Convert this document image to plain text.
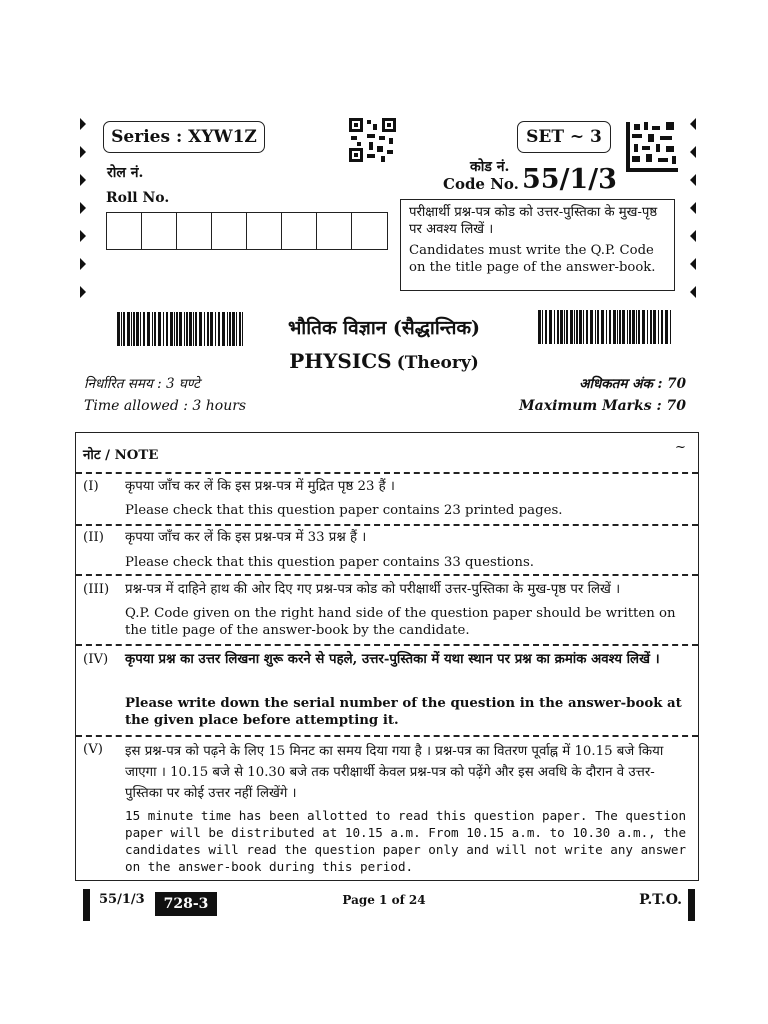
Series : XYW1Z	SET ~ 3
रोल नं.
Roll No.
कोड नं.
Code No. 55/1/3
परीक्षार्थी प्रश्न-पत्र कोड को उत्तर-पुस्तिका के मुख-पृष्ठ पर अवश्य लिखें ।
Candidates must write the Q.P. Code on the title page of the answer-book.
भौतिक विज्ञान (सैद्धान्तिक)
PHYSICS (Theory)
निर्धारित समय : 3 घण्टे
Time allowed : 3 hours
अधिकतम अंक : 70
Maximum Marks : 70
नोट / NOTE
~
(I) कृपया जाँच कर लें कि इस प्रश्न-पत्र में मुद्रित पृष्ठ 23 हैं ।
Please check that this question paper contains 23 printed pages.
(II) कृपया जाँच कर लें कि इस प्रश्न-पत्र में 33 प्रश्न हैं ।
Please check that this question paper contains 33 questions.
(III) प्रश्न-पत्र में दाहिने हाथ की ओर दिए गए प्रश्न-पत्र कोड को परीक्षार्थी उत्तर-पुस्तिका के मुख-पृष्ठ पर लिखें ।
Q.P. Code given on the right hand side of the question paper should be written on the title page of the answer-book by the candidate.
(IV) कृपया प्रश्न का उत्तर लिखना शुरू करने से पहले, उत्तर-पुस्तिका में यथा स्थान पर प्रश्न का क्रमांक अवश्य लिखें ।
Please write down the serial number of the question in the answer-book at the given place before attempting it.
(V) इस प्रश्न-पत्र को पढ़ने के लिए 15 मिनट का समय दिया गया है । प्रश्न-पत्र का वितरण पूर्वाह्न में 10.15 बजे किया जाएगा । 10.15 बजे से 10.30 बजे तक परीक्षार्थी केवल प्रश्न-पत्र को पढ़ेंगे और इस अवधि के दौरान वे उत्तर-पुस्तिका पर कोई उत्तर नहीं लिखेंगे ।
15 minute time has been allotted to read this question paper. The question paper will be distributed at 10.15 a.m. From 10.15 a.m. to 10.30 a.m., the candidates will read the question paper only and will not write any answer on the answer-book during this period.
55/1/3	728-3	Page 1 of 24	P.T.O.
